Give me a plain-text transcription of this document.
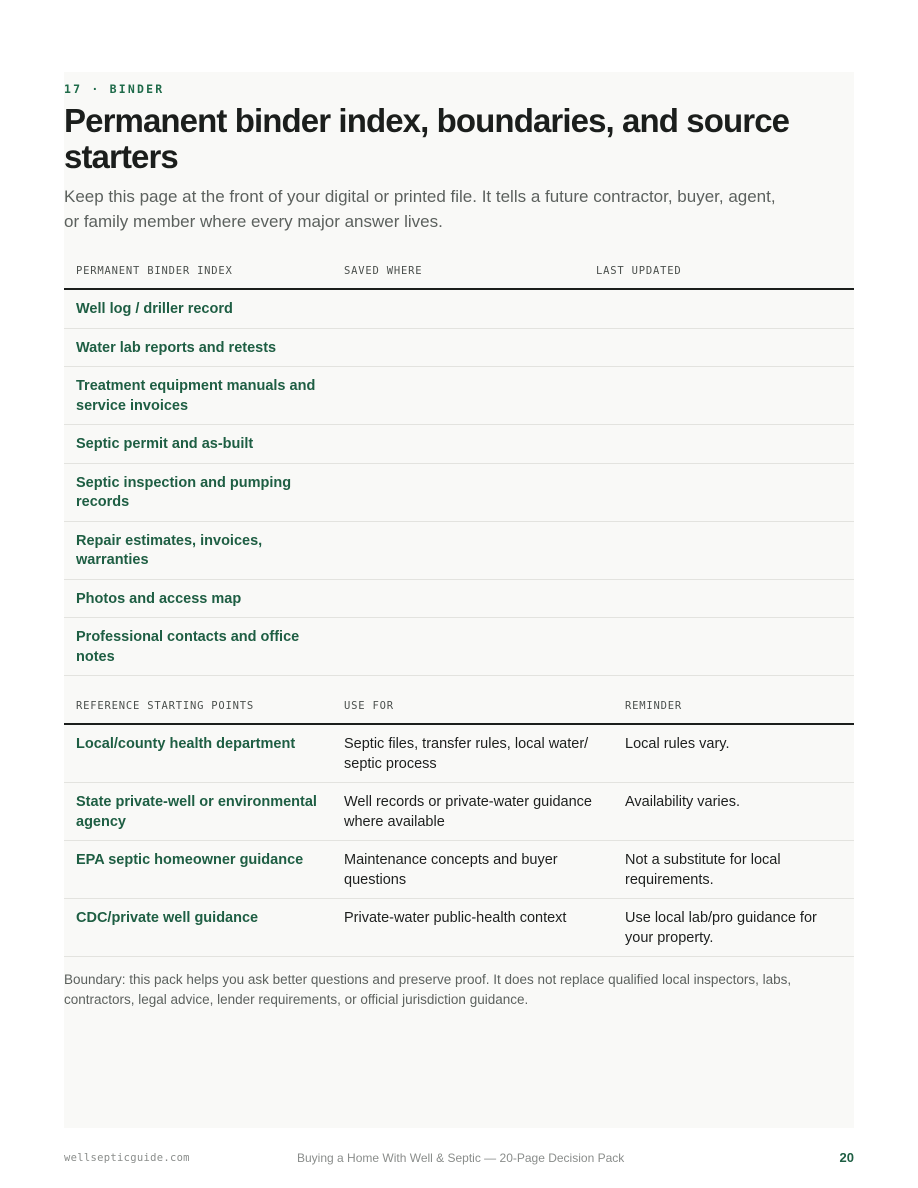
17 · BINDER
Permanent binder index, boundaries, and source starters

Keep this page at the front of your digital or printed file. It tells a future contractor, buyer, agent, or family member where every major answer lives.

PERMANENT BINDER INDEX	SAVED WHERE	LAST UPDATED
Well log / driller record		
Water lab reports and retests		
Treatment equipment manuals and service invoices		
Septic permit and as-built		
Septic inspection and pumping records		
Repair estimates, invoices, warranties		
Photos and access map		
Professional contacts and office notes		
REFERENCE STARTING POINTS	USE FOR	REMINDER
Local/county health department	Septic files, transfer rules, local water/ septic process	Local rules vary.
State private-well or environmental agency	Well records or private-water guidance where available	Availability varies.
EPA septic homeowner guidance	Maintenance concepts and buyer questions	Not a substitute for local requirements.
CDC/private well guidance	Private-water public-health context	Use local lab/pro guidance for your property.

Boundary: this pack helps you ask better questions and preserve proof. It does not replace qualified local inspectors, labs, contractors, legal advice, lender requirements, or official jurisdiction guidance.

wellsepticguide.com	Buying a Home With Well & Septic — 20-Page Decision Pack	20
